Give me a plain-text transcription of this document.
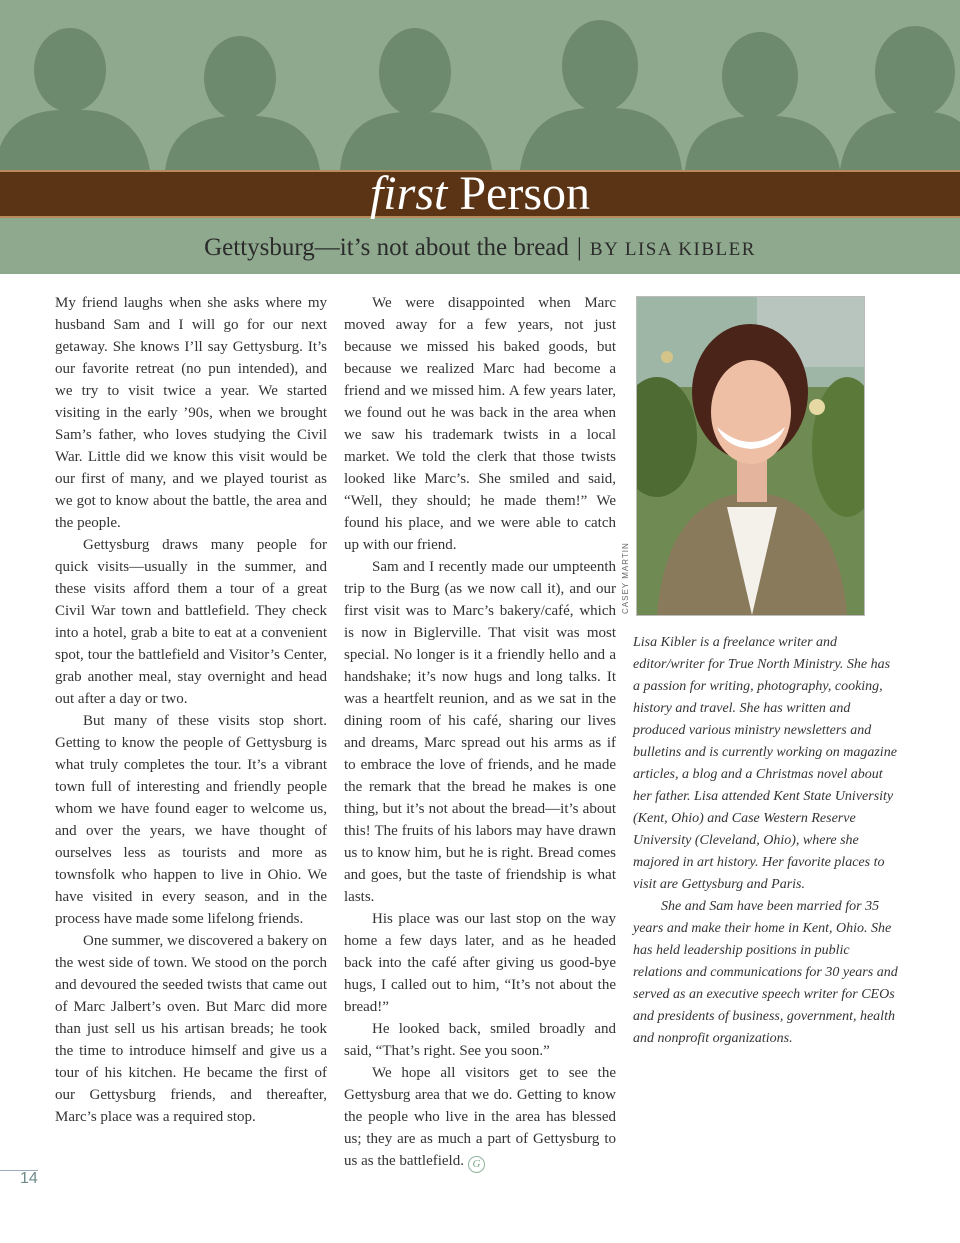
first Person
Gettysburg—it’s not about the bread | BY LISA KIBLER

My friend laughs when she asks where my husband Sam and I will go for our next getaway. She knows I’ll say Gettysburg. It’s our favorite retreat (no pun intended), and we try to visit twice a year. We started visiting in the early ’90s, when we brought Sam’s father, who loves studying the Civil War. Little did we know this visit would be our first of many, and we played tourist as we got to know about the battle, the area and the people.

Gettysburg draws many people for quick visits—usually in the summer, and these visits afford them a tour of a great Civil War town and battlefield. They check into a hotel, grab a bite to eat at a convenient spot, tour the battlefield and Visitor’s Center, grab another meal, stay overnight and head out after a day or two.

But many of these visits stop short. Getting to know the people of Gettysburg is what truly completes the tour. It’s a vibrant town full of interesting and friendly people whom we have found eager to welcome us, and over the years, we have thought of ourselves less as tourists and more as townsfolk who happen to live in Ohio. We have visited in every season, and in the process have made some lifelong friends.

One summer, we discovered a bakery on the west side of town. We stood on the porch and devoured the seeded twists that came out of Marc Jalbert’s oven. But Marc did more than just sell us his artisan breads; he took the time to introduce himself and give us a tour of his kitchen. He became the first of our Gettysburg friends, and thereafter, Marc’s place was a required stop.

We were disappointed when Marc moved away for a few years, not just because we missed his baked goods, but because we realized Marc had become a friend and we missed him. A few years later, we found out he was back in the area when we saw his trademark twists in a local market. We told the clerk that those twists looked like Marc’s. She smiled and said, “Well, they should; he made them!” We found his place, and we were able to catch up with our friend.

Sam and I recently made our umpteenth trip to the Burg (as we now call it), and our first visit was to Marc’s bakery/café, which is now in Biglerville. That visit was most special. No longer is it a friendly hello and a handshake; it’s now hugs and long talks. It was a heartfelt reunion, and as we sat in the dining room of his café, sharing our lives and dreams, Marc spread out his arms as if to embrace the love of friends, and he made the remark that the bread he makes is one thing, but it’s not about the bread—it’s about this! The fruits of his labors may have drawn us to know him, but he is right. Bread comes and goes, but the taste of friendship is what lasts.

His place was our last stop on the way home a few days later, and as he headed back into the café after giving us good-bye hugs, I called out to him, “It’s not about the bread!”

He looked back, smiled broadly and said, “That’s right. See you soon.”

We hope all visitors get to see the Gettysburg area that we do. Getting to know the people who live in the area has blessed us; they are as much a part of Gettysburg to us as the battlefield. G

CASEY MARTIN

Lisa Kibler is a freelance writer and editor/writer for True North Ministry. She has a passion for writing, photography, cooking, history and travel. She has written and produced various ministry newsletters and bulletins and is currently working on magazine articles, a blog and a Christmas novel about her father. Lisa attended Kent State University (Kent, Ohio) and Case Western Reserve University (Cleveland, Ohio), where she majored in art history. Her favorite places to visit are Gettysburg and Paris.

She and Sam have been married for 35 years and make their home in Kent, Ohio. She has held leadership positions in public relations and communications for 30 years and served as an executive speech writer for CEOs and presidents of business, government, health and nonprofit organizations.

14
